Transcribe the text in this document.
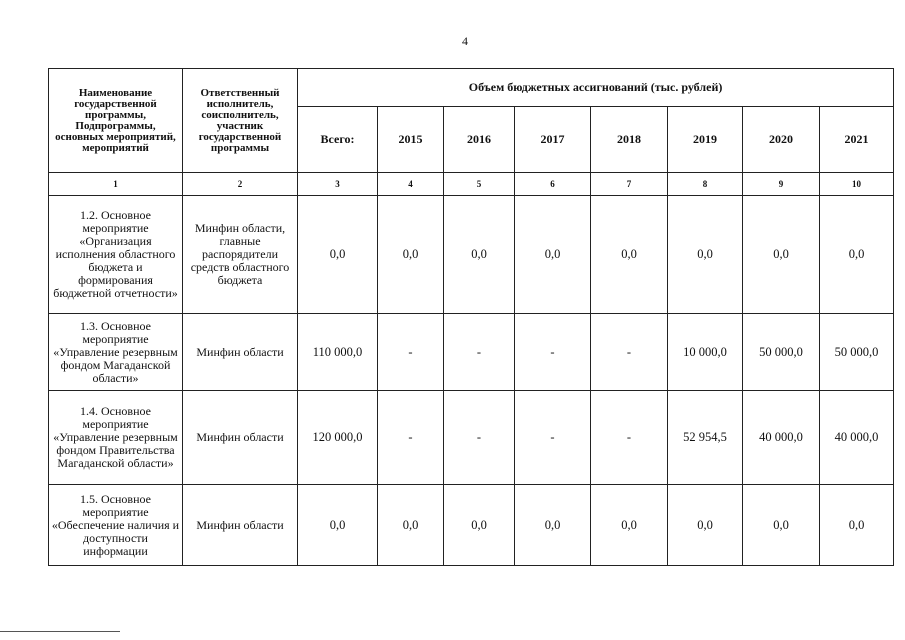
4
Наименование государственной программы, Подпрограммы, основных мероприятий, мероприятий	Ответственный исполнитель, соисполнитель, участник государственной программы	Объем бюджетных ассигнований (тыс. рублей)							
		Всего:	2015	2016	2017	2018	2019	2020	2021
1	2	3	4	5	6	7	8	9	10
1.2. Основное мероприятие «Организация исполнения областного бюджета и формирования бюджетной отчетности»	Минфин области, главные распорядители средств областного бюджета	0,0	0,0	0,0	0,0	0,0	0,0	0,0	0,0
1.3. Основное мероприятие «Управление резервным фондом Магаданской области»	Минфин области	110 000,0	-	-	-	-	10 000,0	50 000,0	50 000,0
1.4. Основное мероприятие «Управление резервным фондом Правительства Магаданской области»	Минфин области	120 000,0	-	-	-	-	52 954,5	40 000,0	40 000,0
1.5. Основное мероприятие «Обеспечение наличия и доступности информации	Минфин области	0,0	0,0	0,0	0,0	0,0	0,0	0,0	0,0
